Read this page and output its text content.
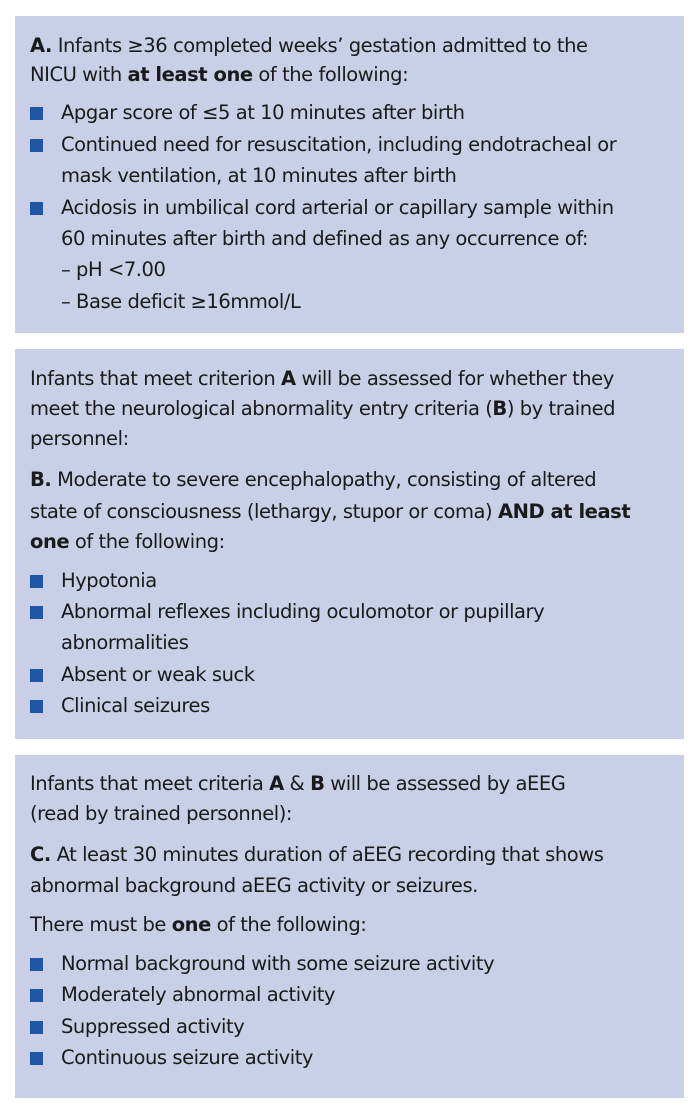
A. Infants ≥36 completed weeks’ gestation admitted to the
NICU with at least one of the following:
Apgar score of ≤5 at 10 minutes after birth
Continued need for resuscitation, including endotracheal or
mask ventilation, at 10 minutes after birth
Acidosis in umbilical cord arterial or capillary sample within
60 minutes after birth and defined as any occurrence of:
– pH <7.00
– Base deficit ≥16mmol/L
Infants that meet criterion A will be assessed for whether they
meet the neurological abnormality entry criteria (B) by trained
personnel:
B. Moderate to severe encephalopathy, consisting of altered
state of consciousness (lethargy, stupor or coma) AND at least
one of the following:
Hypotonia
Abnormal reflexes including oculomotor or pupillary
abnormalities
Absent or weak suck
Clinical seizures
Infants that meet criteria A & B will be assessed by aEEG
(read by trained personnel):
C. At least 30 minutes duration of aEEG recording that shows
abnormal background aEEG activity or seizures.
There must be one of the following:
Normal background with some seizure activity
Moderately abnormal activity
Suppressed activity
Continuous seizure activity
